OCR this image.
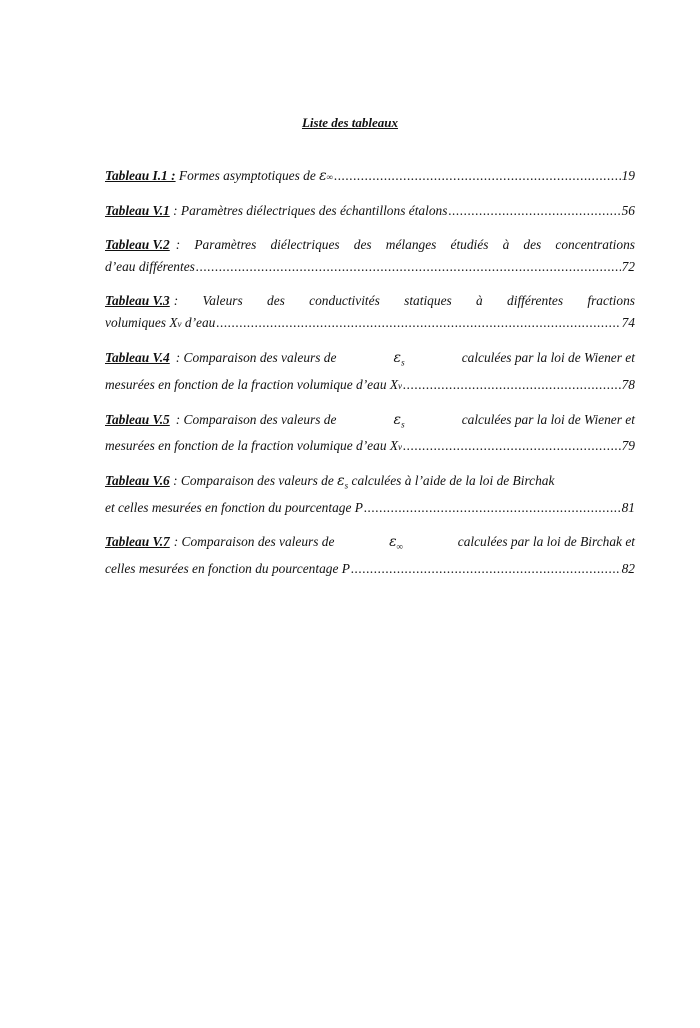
Liste des tableaux
Tableau I.1 :
Formes asymptotiques de
ε ∞ .....	19
Tableau V.1
: Paramètres diélectriques des échantillons étalons .....	56
Tableau V.2 : Paramètres diélectriques des mélanges étudiés à des concentrations
d’eau différentes .....	72
Tableau V.3 : Valeurs des conductivités statiques à différentes fractions
volumiques X v
d’eau .....	74
Tableau V.4 : Comparaison des valeurs de	$\varepsilon_s$	calculées par la loi de Wiener et
mesurées en fonction de la fraction volumique d’eau X v .....	78
Tableau V.5 : Comparaison des valeurs de	$\varepsilon_s$	calculées par la loi de Wiener et
mesurées en fonction de la fraction volumique d’eau X v .....	79
Tableau V.6
: Comparaison des valeurs de
$\varepsilon_s$
calculées à l’aide de la loi de Birchak
et celles mesurées en fonction du pourcentage P .....	81
Tableau V.7 : Comparaison des valeurs de	$\varepsilon_\infty$	calculées par la loi de Birchak et
celles mesurées en fonction du pourcentage P .....	82
